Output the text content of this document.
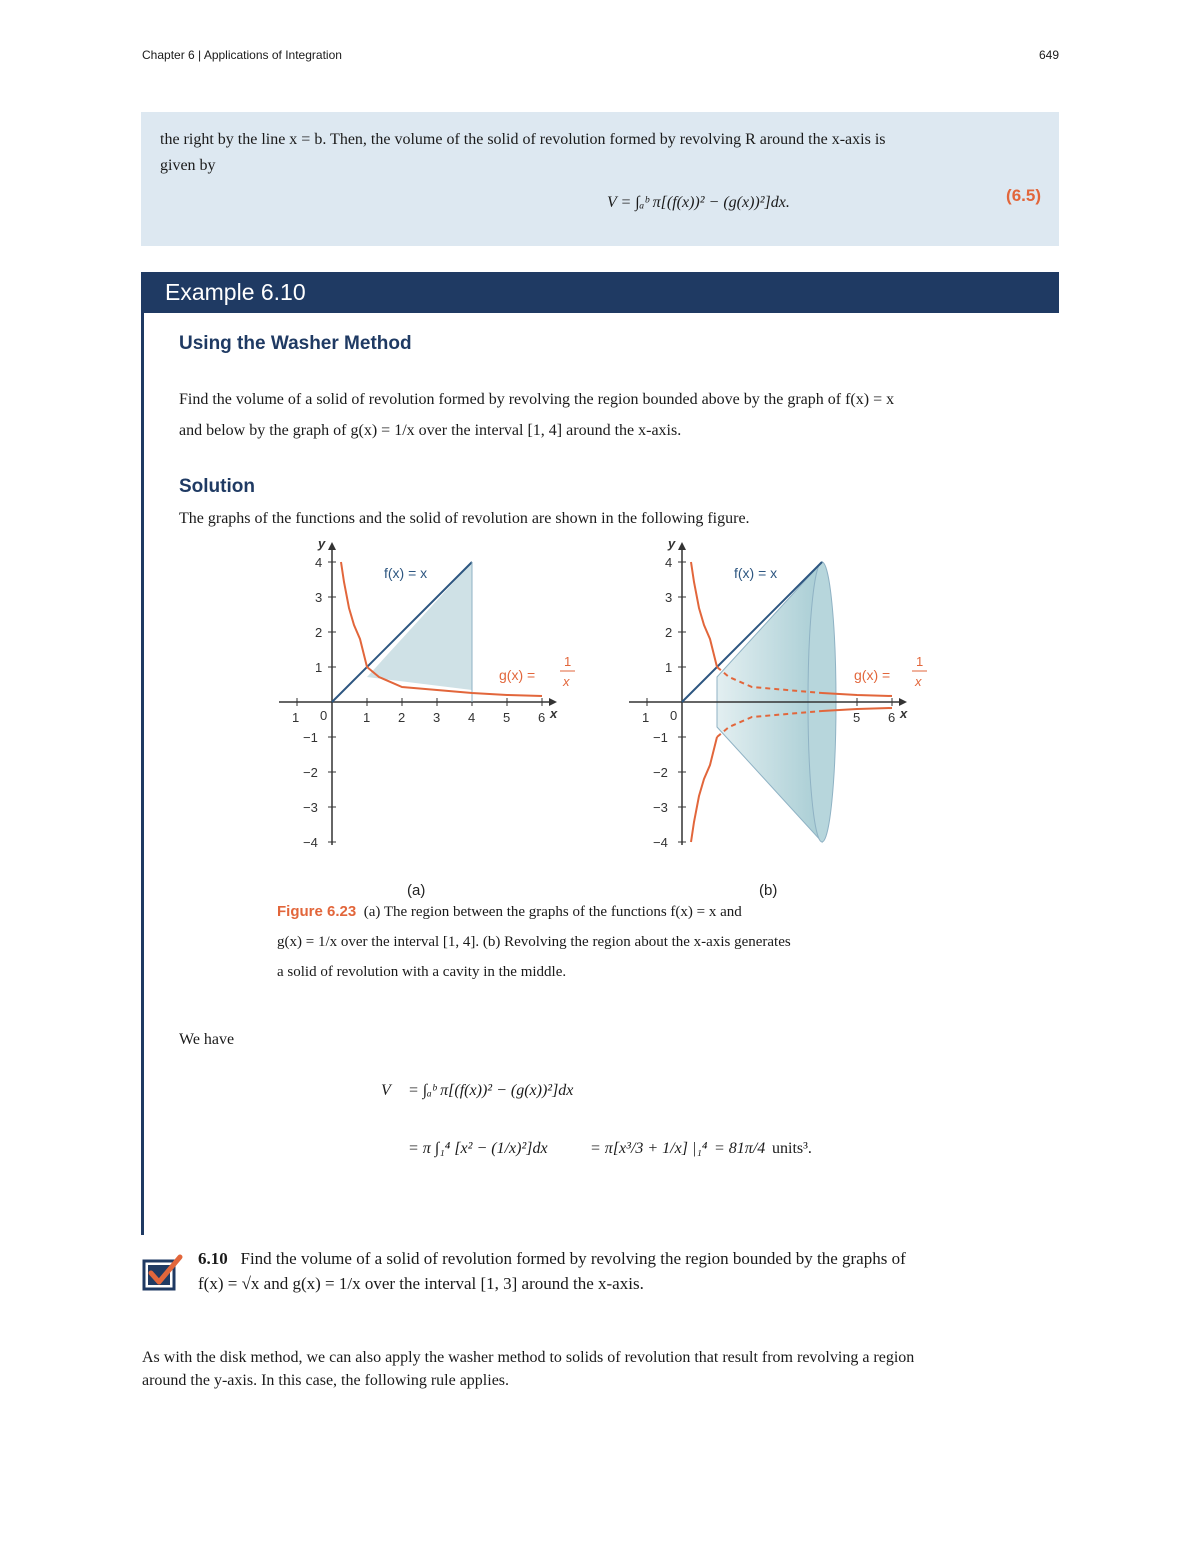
Chapter 6 | Applications of Integration	649
the right by the line x = b. Then, the volume of the solid of revolution formed by revolving R around the x-axis is
given by
V = ∫ₐᵇ π[(f(x))² − (g(x))²]dx.	(6.5)
Example 6.10
Using the Washer Method
Find the volume of a solid of revolution formed by revolving the region bounded above by the graph of f(x) = x
and below by the graph of g(x) = 1/x over the interval [1, 4] around the x-axis.
Solution
The graphs of the functions and the solid of revolution are shown in the following figure.
y
x
1 0	1 2 3 4 5 6
1
2
3
4
−1
−2
−3
−4
f(x) = x
g(x) =
1
x
(a)
y
x
1 0	5 6
1
2
3
4
−1
−2
−3
−4
f(x) = x
g(x) =
1
x
(b)
Figure 6.23 (a) The region between the graphs of the functions f(x) = x and
g(x) = 1/x over the interval [1, 4]. (b) Revolving the region about the x-axis generates
a solid of revolution with a cavity in the middle.
We have
V = ∫ₐᵇ π[(f(x))² − (g(x))²]dx
= π ∫₁⁴ [x² − (1/x)²]dx	= π[x³/3 + 1/x] |₁⁴ = 81π/4 units³.
6.10 Find the volume of a solid of revolution formed by revolving the region bounded by the graphs of
f(x) = √x and g(x) = 1/x over the interval [1, 3] around the x-axis.
As with the disk method, we can also apply the washer method to solids of revolution that result from revolving a region
around the y-axis. In this case, the following rule applies.
